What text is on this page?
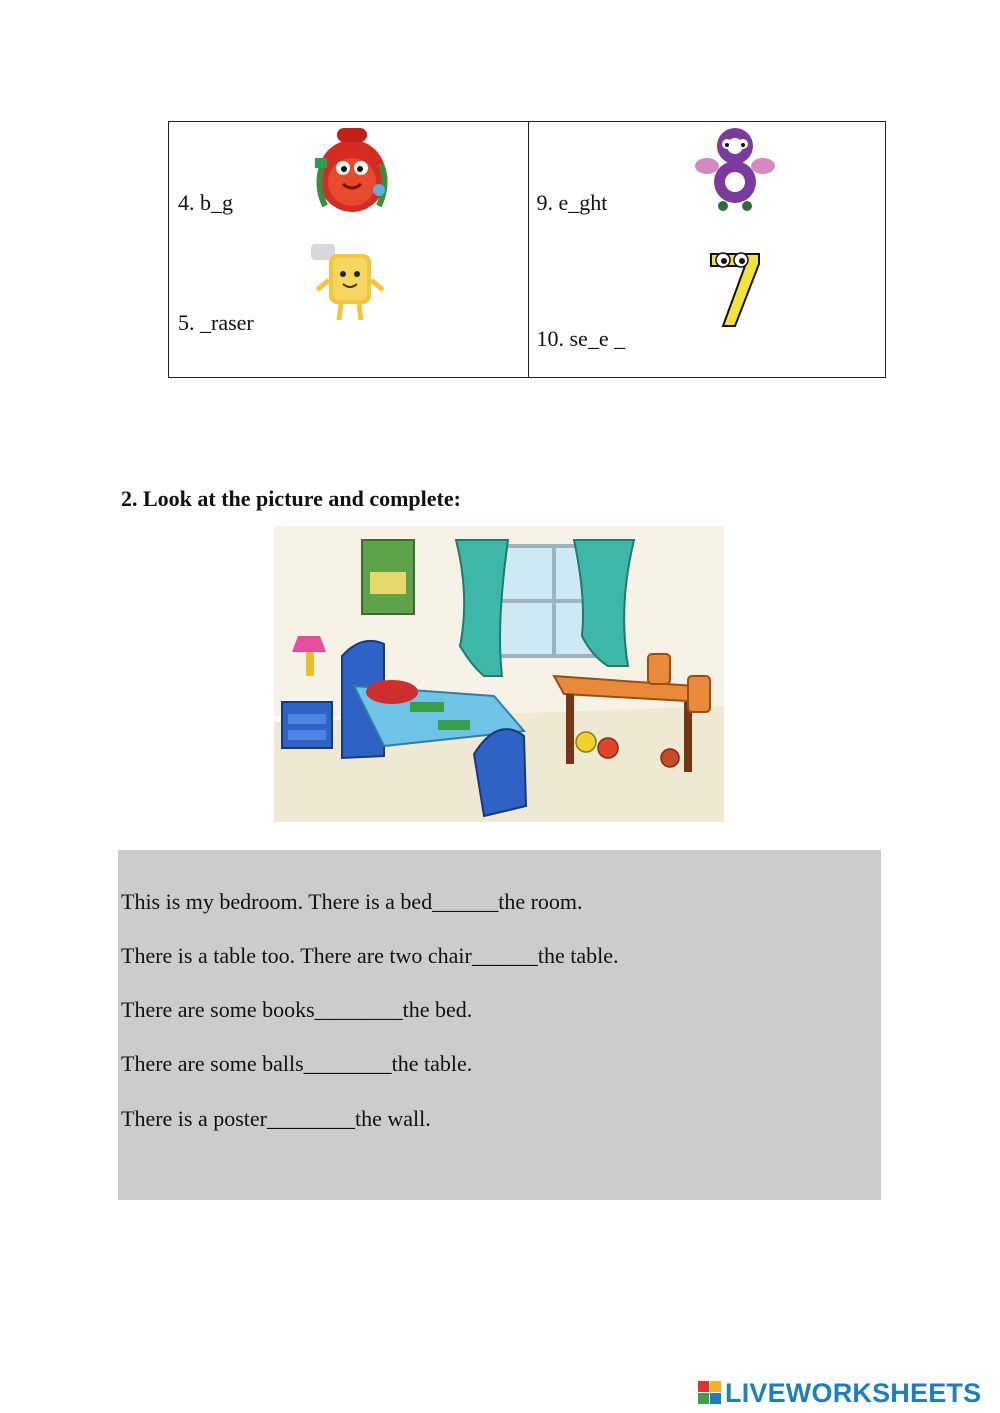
4. b_g
5. _raser
9. e_ght
10. se_e _
2. Look at the picture and complete:
This is my bedroom. There is a bed______the room.
There is a table too. There are two chair______the table.
There are some books________the bed.
There are some balls________the table.
There is a poster________the wall.
LIVEWORKSHEETS
